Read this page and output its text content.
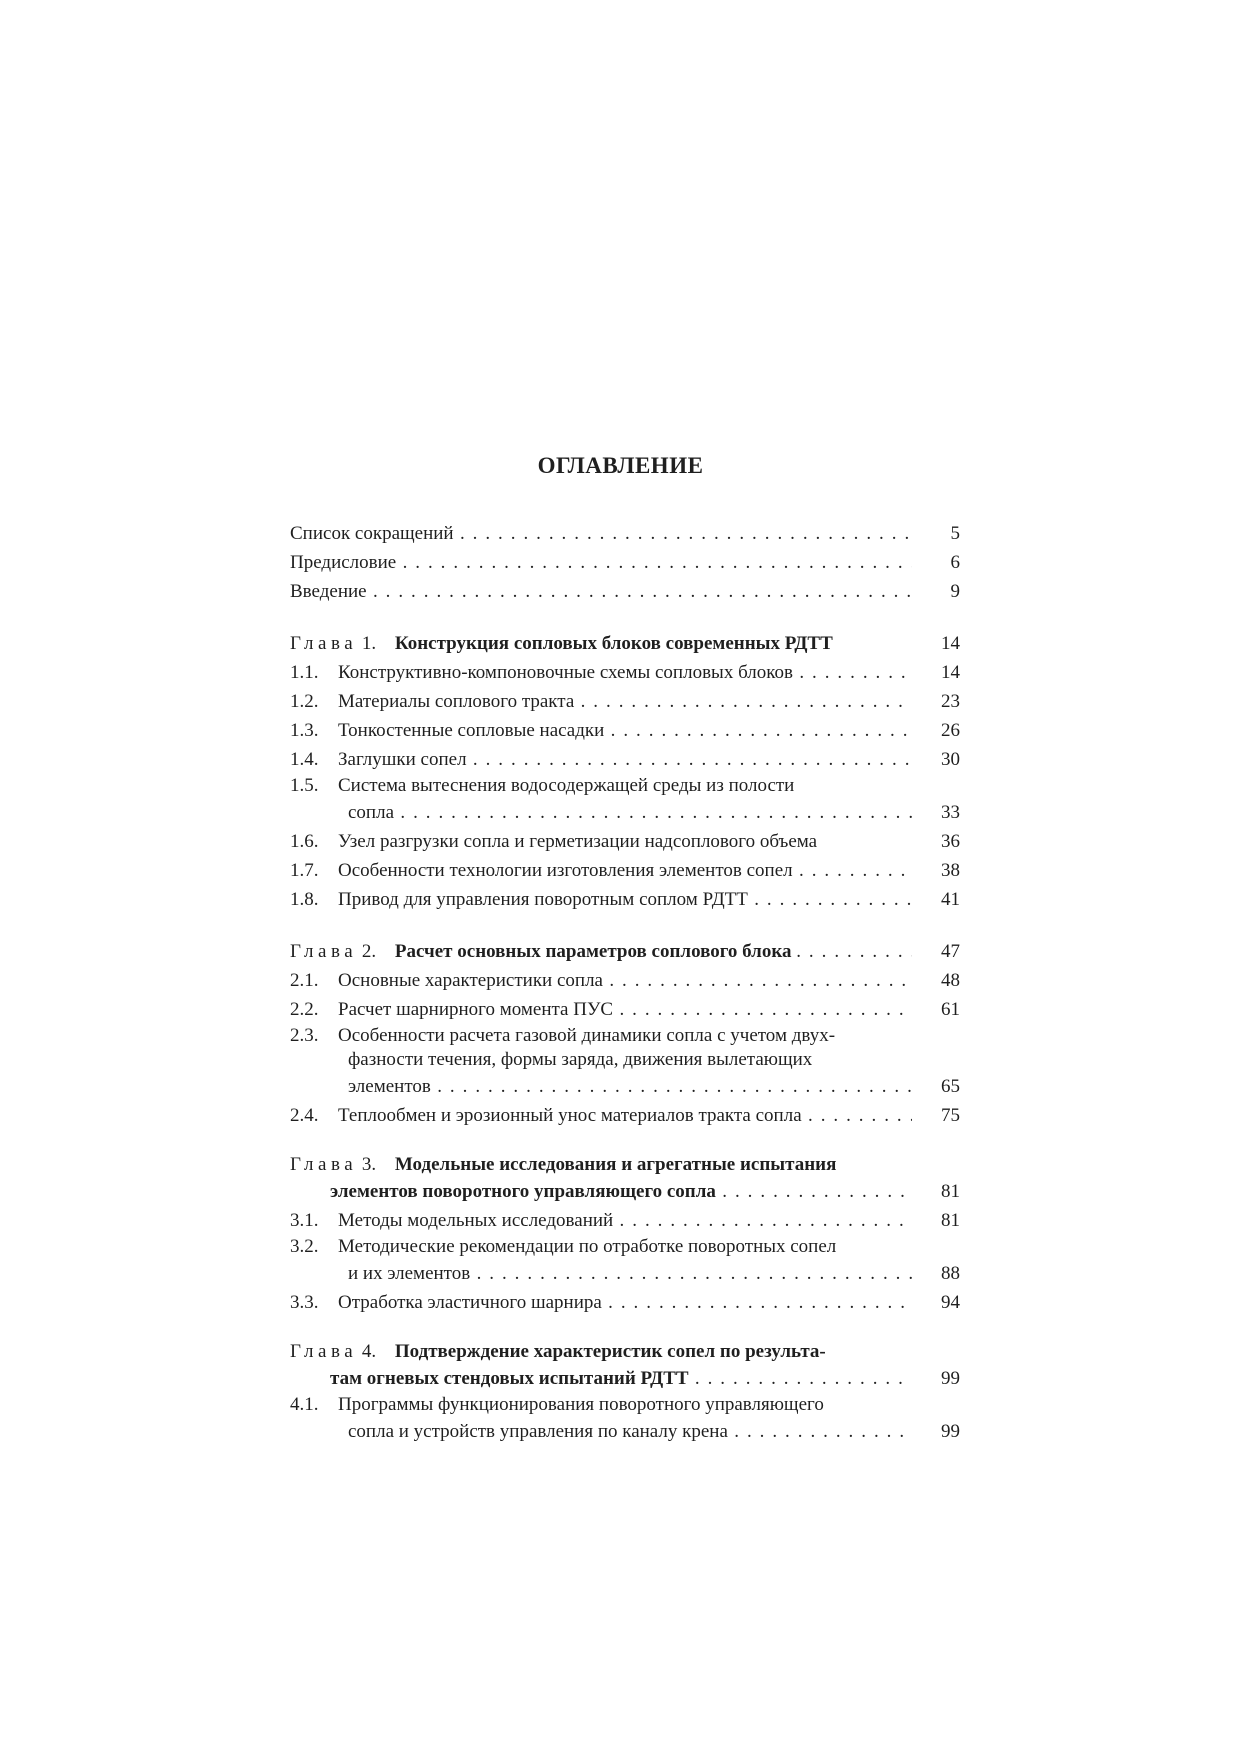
ОГЛАВЛЕНИЕ
Список сокращений . . .	5
Предисловие . . .	6
Введение . . .	9
Глава 1. Конструкция сопловых блоков современных РДТТ	14
1.1. Конструктивно-компоновочные схемы сопловых блоков . . .	14
1.2. Материалы соплового тракта . . .	23
1.3. Тонкостенные сопловые насадки . . .	26
1.4. Заглушки сопел . . .	30
1.5. Система вытеснения водосодержащей среды из полости
сопла . . .	33
1.6. Узел разгрузки сопла и герметизации надсоплового объема	36
1.7. Особенности технологии изготовления элементов сопел . . .	38
1.8. Привод для управления поворотным соплом РДТТ . . .	41
Глава 2. Расчет основных параметров соплового блока . . .	47
2.1. Основные характеристики сопла . . .	48
2.2. Расчет шарнирного момента ПУС . . .	61
2.3. Особенности расчета газовой динамики сопла с учетом двух-
фазности течения, формы заряда, движения вылетающих
элементов . . .	65
2.4. Теплообмен и эрозионный унос материалов тракта сопла . . .	75
Глава 3. Модельные исследования и агрегатные испытания
элементов поворотного управляющего сопла . . .	81
3.1. Методы модельных исследований . . .	81
3.2. Методические рекомендации по отработке поворотных сопел
и их элементов . . .	88
3.3. Отработка эластичного шарнира . . .	94
Глава 4. Подтверждение характеристик сопел по результа-
там огневых стендовых испытаний РДТТ . . .	99
4.1. Программы функционирования поворотного управляющего
сопла и устройств управления по каналу крена . . .	99
